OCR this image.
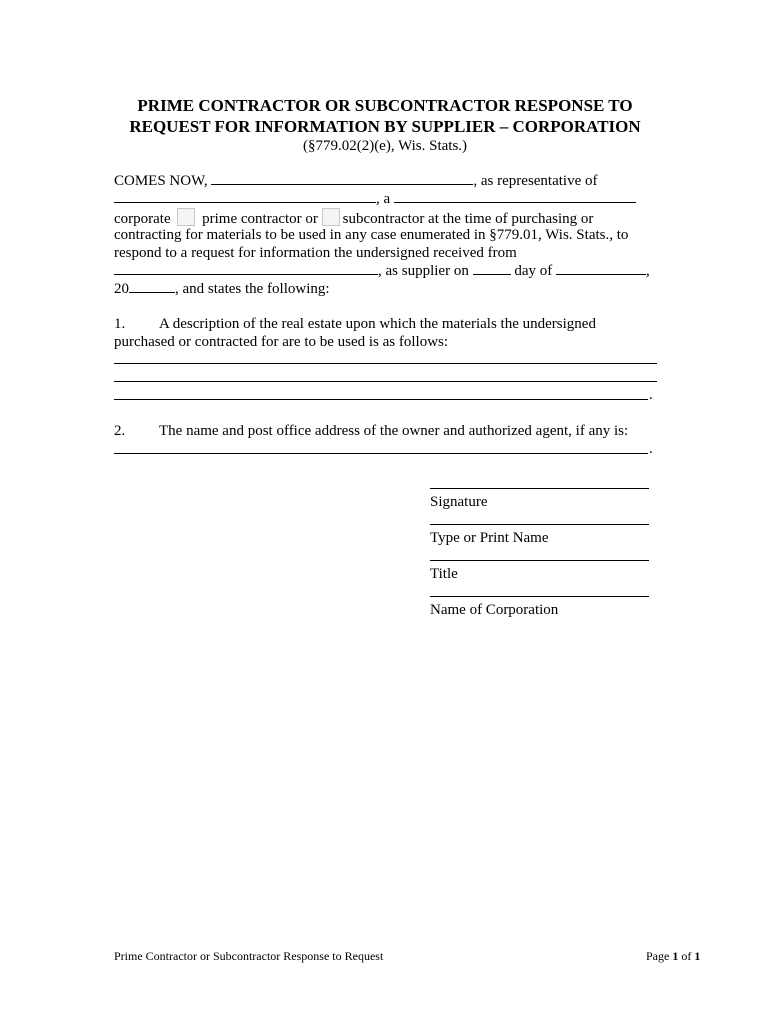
PRIME CONTRACTOR OR SUBCONTRACTOR RESPONSE TO
REQUEST FOR INFORMATION BY SUPPLIER – CORPORATION
(§779.02(2)(e), Wis. Stats.)
COMES NOW,	, as representative of
, a
corporate prime contractor or subcontractor at the time of purchasing or
contracting for materials to be used in any case enumerated in §779.01, Wis. Stats., to
respond to a request for information the undersigned received from
, as supplier on	day of	,
20	, and states the following:
1. A description of the real estate upon which the materials the undersigned
purchased or contracted for are to be used is as follows:
.
2. The name and post office address of the owner and authorized agent, if any is:
.
Signature
Type or Print Name
Title
Name of Corporation
Prime Contractor or Subcontractor Response to Request	Page 1 of 1
